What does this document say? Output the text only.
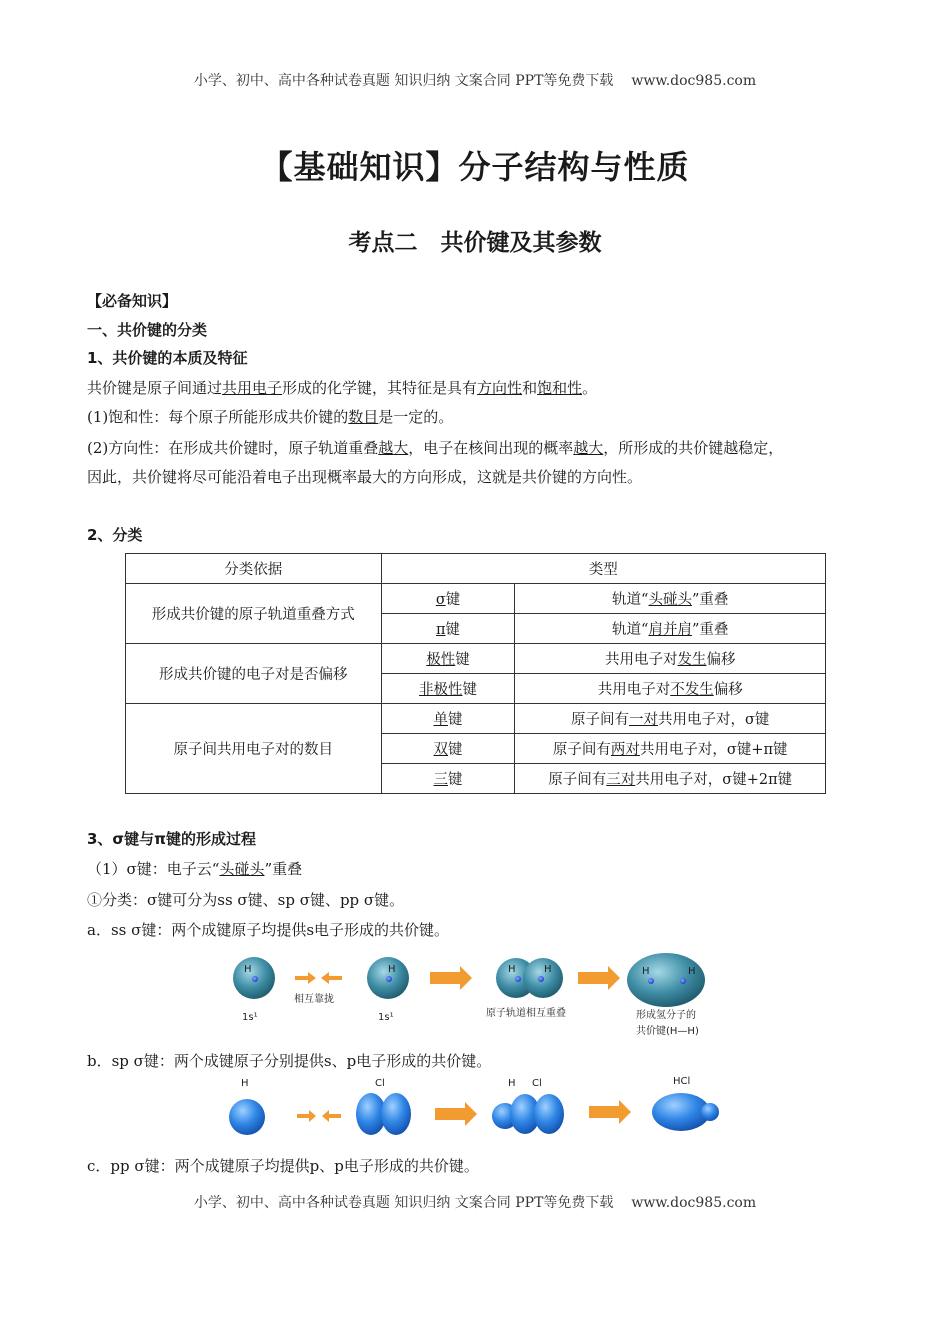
小学、初中、高中各种试卷真题 知识归纳 文案合同 PPT等免费下载 www.doc985.com
【基础知识】分子结构与性质
考点二　共价键及其参数
【必备知识】
一、共价键的分类
1、共价键的本质及特征
共价键是原子间通过共用电子形成的化学键，其特征是具有方向性和饱和性。
(1)饱和性：每个原子所能形成共价键的数目是一定的。
(2)方向性：在形成共价键时，原子轨道重叠越大，电子在核间出现的概率越大，所形成的共价键越稳定，
因此，共价键将尽可能沿着电子出现概率最大的方向形成，这就是共价键的方向性。
2、分类
分类依据	类型	
形成共价键的原子轨道重叠方式	σ键	轨道“头碰头”重叠
	π键	轨道“肩并肩”重叠
形成共价键的电子对是否偏移	极性键	共用电子对发生偏移
	非极性键	共用电子对不发生偏移
原子间共用电子对的数目	单键	原子间有一对共用电子对，σ键
	双键	原子间有两对共用电子对，σ键+π键
	三键	原子间有三对共用电子对，σ键+2π键
3、σ键与π键的形成过程
（1）σ键：电子云“头碰头”重叠
①分类：σ键可分为ss σ键、sp σ键、pp σ键。
a．ss σ键：两个成键原子均提供s电子形成的共价键。
H
1s¹
相互靠拢
H
1s¹
H	H
原子轨道相互重叠
H	H
形成氢分子的
共价键(H—H)
b．sp σ键：两个成键原子分别提供s、p电子形成的共价键。
H	Cl	H Cl	HCl
c．pp σ键：两个成键原子均提供p、p电子形成的共价键。
小学、初中、高中各种试卷真题 知识归纳 文案合同 PPT等免费下载 www.doc985.com
